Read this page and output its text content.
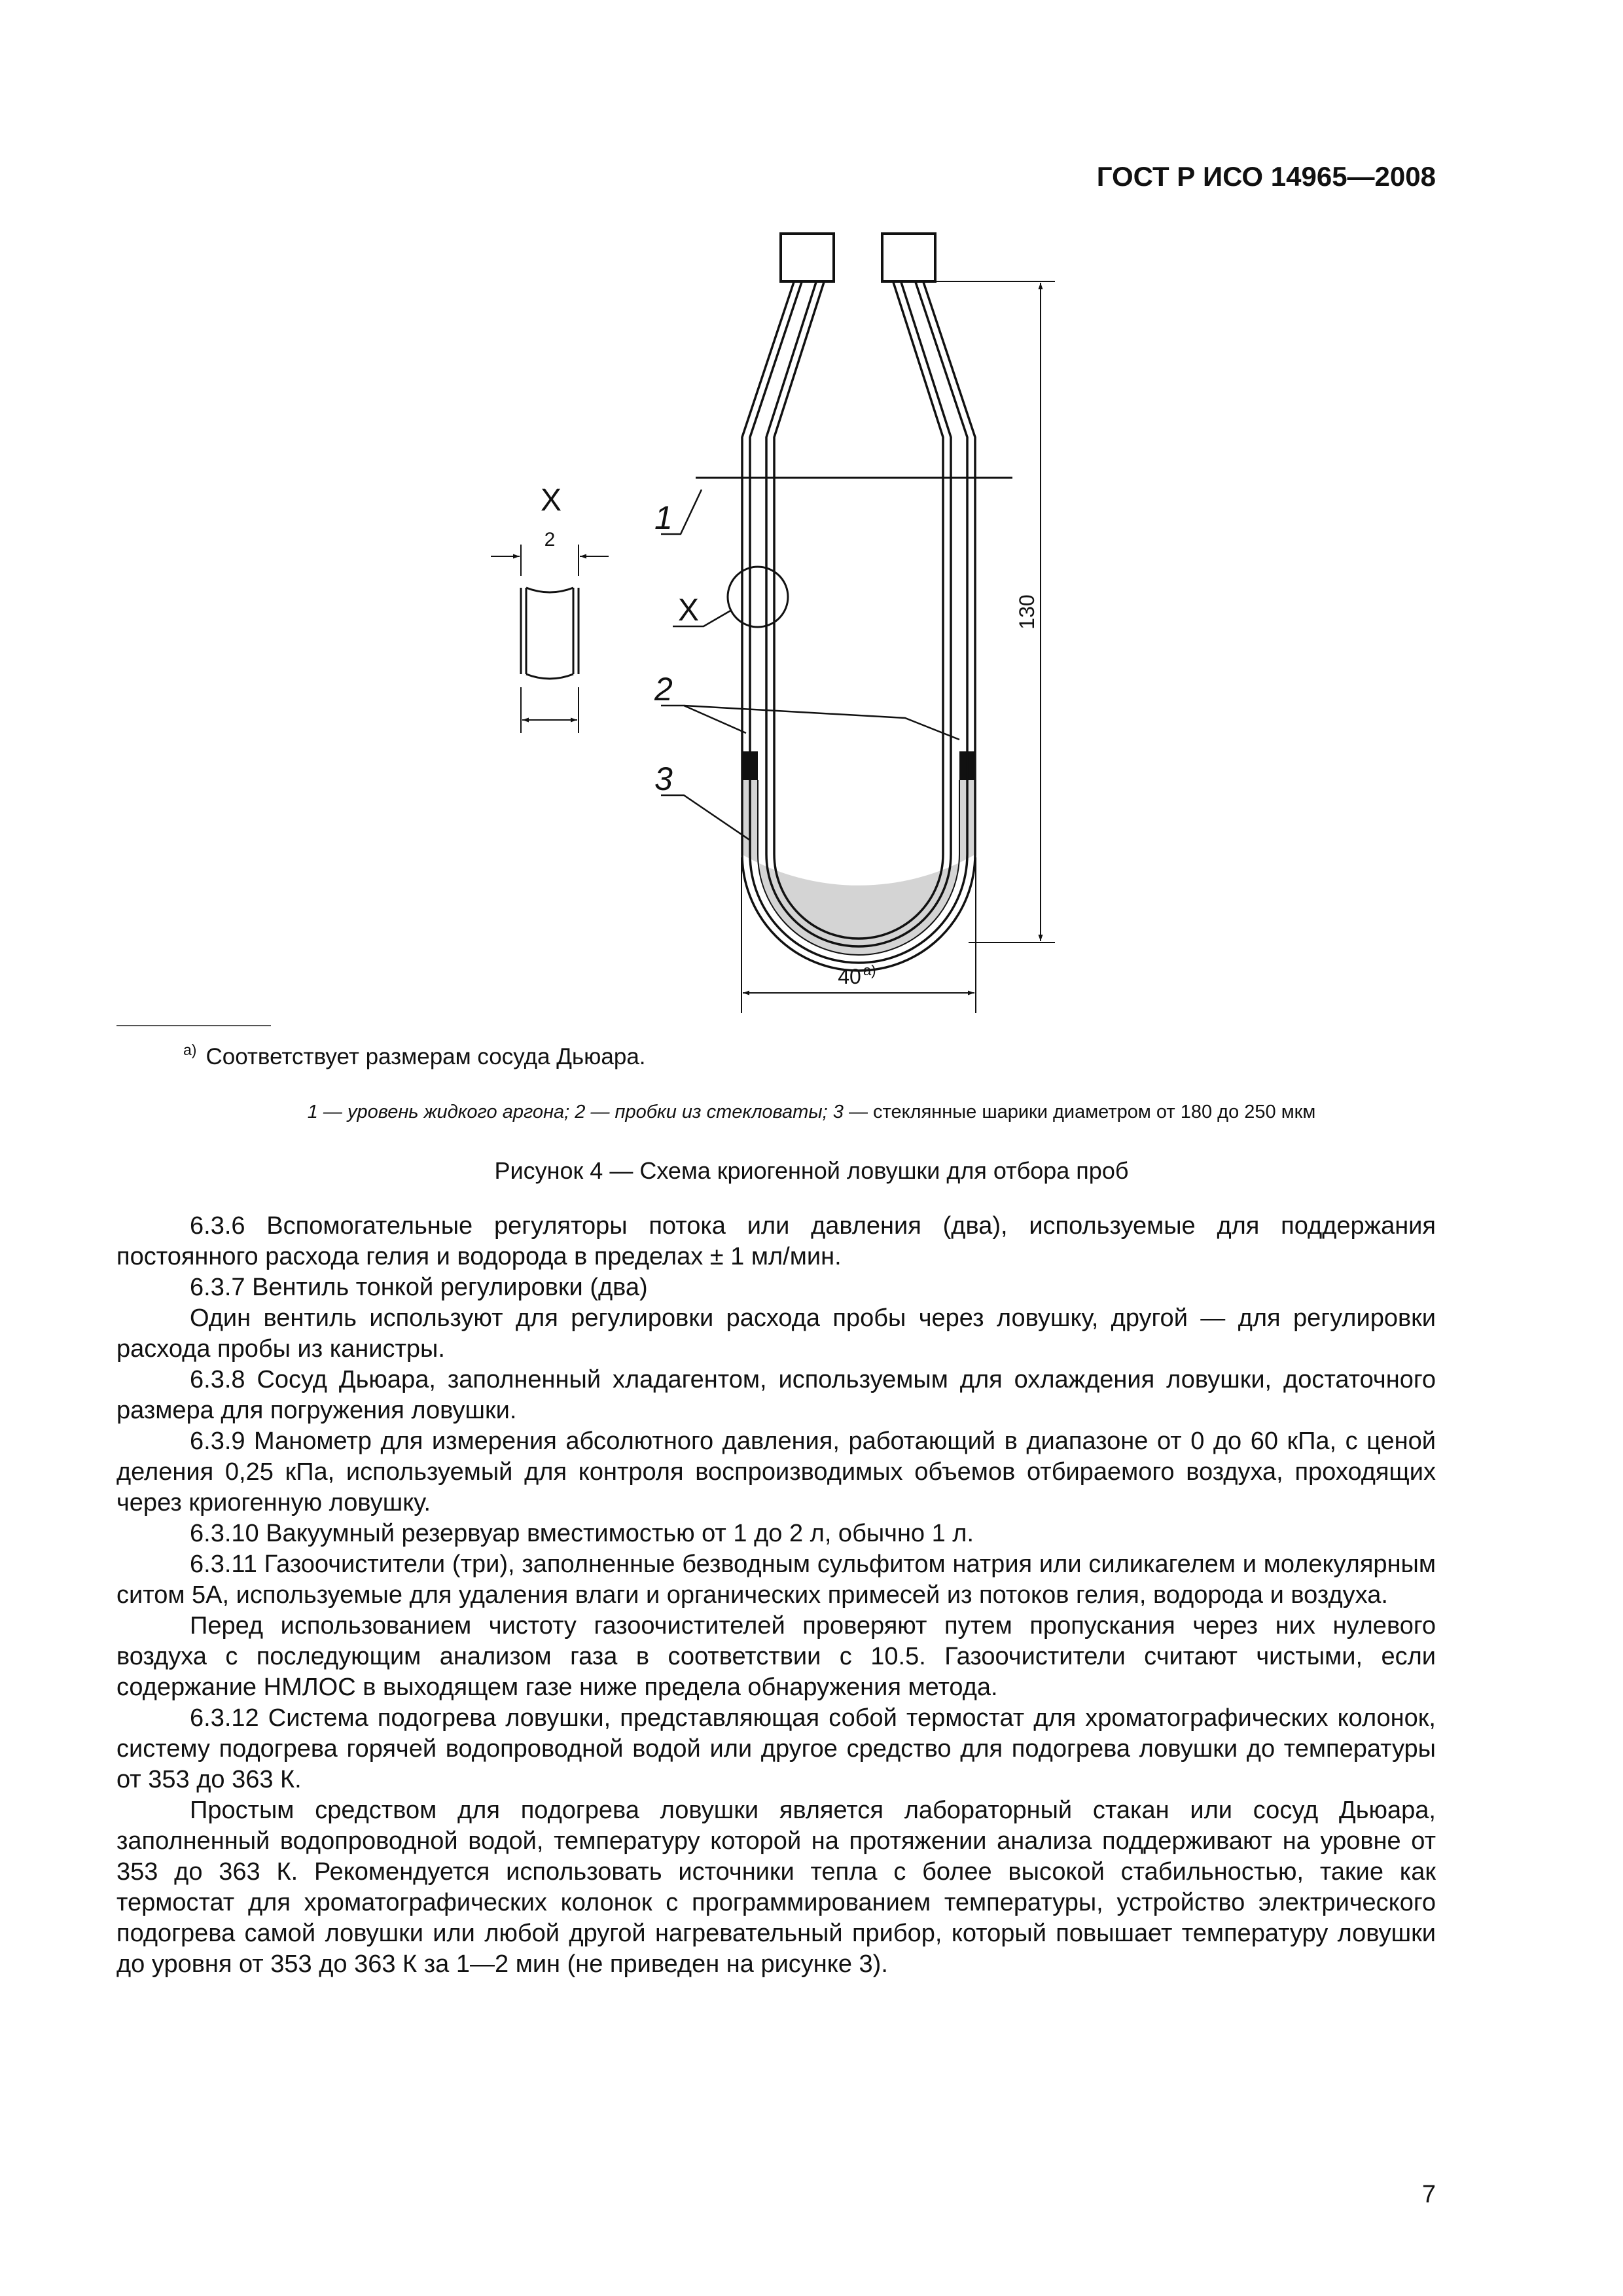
ГОСТ Р ИСО 14965—2008
X
2
X
1
2
3
130
40 а)
$^{а)}$ Соответствует размерам сосуда Дьюара.
1 — уровень жидкого аргона; 2 — пробки из стекловаты; 3 — стеклянные шарики диаметром от 180 до 250 мкм
Рисунок 4 — Схема криогенной ловушки для отбора проб

6.3.6 Вспомогательные регуляторы потока или давления (два), используемые для поддержания постоянного расхода гелия и водорода в пределах ± 1 мл/мин.

6.3.7 Вентиль тонкой регулировки (два)

Один вентиль используют для регулировки расхода пробы через ловушку, другой — для регулировки расхода пробы из канистры.

6.3.8 Сосуд Дьюара, заполненный хладагентом, используемым для охлаждения ловушки, достаточного размера для погружения ловушки.

6.3.9 Манометр для измерения абсолютного давления, работающий в диапазоне от 0 до 60 кПа, с ценой деления 0,25 кПа, используемый для контроля воспроизводимых объемов отбираемого воздуха, проходящих через криогенную ловушку.

6.3.10 Вакуумный резервуар вместимостью от 1 до 2 л, обычно 1 л.

6.3.11 Газоочистители (три), заполненные безводным сульфитом натрия или силикагелем и молекулярным ситом 5А, используемые для удаления влаги и органических примесей из потоков гелия, водорода и воздуха.

Перед использованием чистоту газоочистителей проверяют путем пропускания через них нулевого воздуха с последующим анализом газа в соответствии с 10.5. Газоочистители считают чистыми, если содержание НМЛОС в выходящем газе ниже предела обнаружения метода.

6.3.12 Система подогрева ловушки, представляющая собой термостат для хроматографических колонок, систему подогрева горячей водопроводной водой или другое средство для подогрева ловушки до температуры от 353 до 363 К.

Простым средством для подогрева ловушки является лабораторный стакан или сосуд Дьюара, заполненный водопроводной водой, температуру которой на протяжении анализа поддерживают на уровне от 353 до 363 К. Рекомендуется использовать источники тепла с более высокой стабильностью, такие как термостат для хроматографических колонок с программированием температуры, устройство электрического подогрева самой ловушки или любой другой нагревательный прибор, который повышает температуру ловушки до уровня от 353 до 363 К за 1—2 мин (не приведен на рисунке 3).

7
